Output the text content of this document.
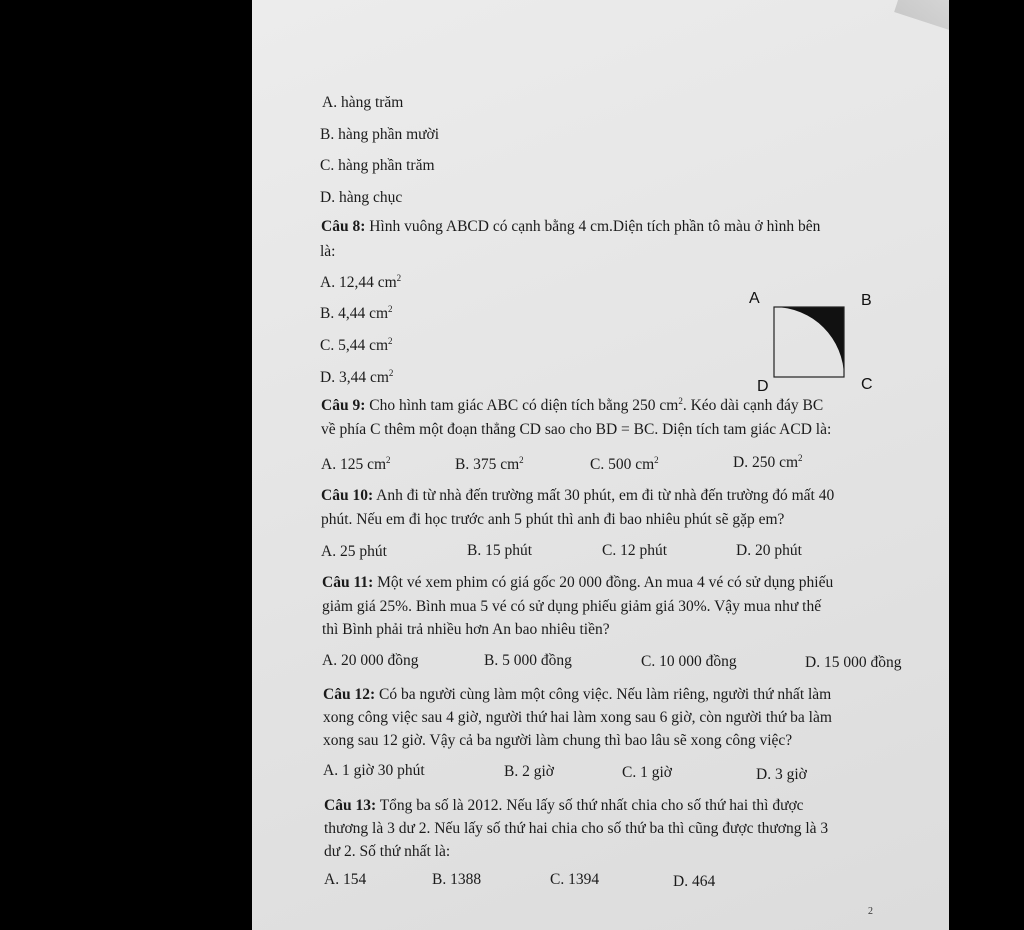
A. hàng trăm
B. hàng phần mười
C. hàng phần trăm
D. hàng chục
Câu 8: Hình vuông ABCD có cạnh bằng 4 cm.Diện tích phần tô màu ở hình bên
là:
A. 12,44 $cm^2$
B. 4,44 $cm^2$
C. 5,44 $cm^2$
D. 3,44 $cm^2$
A	B
D	C
Câu 9: Cho hình tam giác ABC có diện tích bằng 250 $cm^2$. Kéo dài cạnh đáy BC
về phía C thêm một đoạn thẳng CD sao cho BD = BC. Diện tích tam giác ACD là:
A. 125 $cm^2$	B. 375 $cm^2$	C. 500 $cm^2$	D. 250 $cm^2$
Câu 10: Anh đi từ nhà đến trường mất 30 phút, em đi từ nhà đến trường đó mất 40
phút. Nếu em đi học trước anh 5 phút thì anh đi bao nhiêu phút sẽ gặp em?
A. 25 phút	B. 15 phút	C. 12 phút	D. 20 phút
Câu 11: Một vé xem phim có giá gốc 20 000 đồng. An mua 4 vé có sử dụng phiếu
giảm giá 25%. Bình mua 5 vé có sử dụng phiếu giảm giá 30%. Vậy mua như thế
thì Bình phải trả nhiều hơn An bao nhiêu tiền?
A. 20 000 đồng	B. 5 000 đồng	C. 10 000 đồng	D. 15 000 đồng
Câu 12: Có ba người cùng làm một công việc. Nếu làm riêng, người thứ nhất làm
xong công việc sau 4 giờ, người thứ hai làm xong sau 6 giờ, còn người thứ ba làm
xong sau 12 giờ. Vậy cả ba người làm chung thì bao lâu sẽ xong công việc?
A. 1 giờ 30 phút	B. 2 giờ	C. 1 giờ	D. 3 giờ
Câu 13: Tổng ba số là 2012. Nếu lấy số thứ nhất chia cho số thứ hai thì được
thương là 3 dư 2. Nếu lấy số thứ hai chia cho số thứ ba thì cũng được thương là 3
dư 2. Số thứ nhất là:
A. 154	B. 1388	C. 1394	D. 464
2
